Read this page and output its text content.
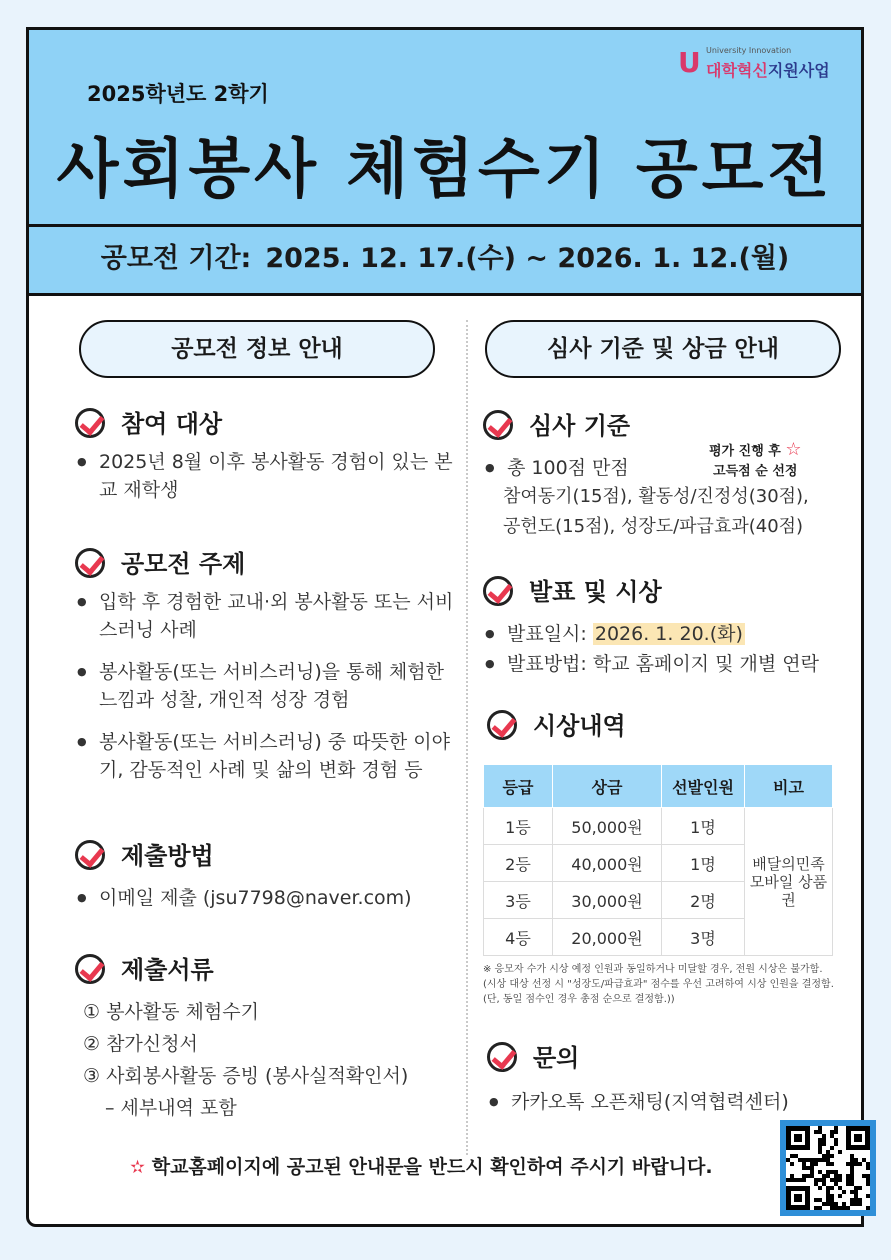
U University Innovation
대학혁신지원사업
2025학년도 2학기
사회봉사 체험수기 공모전
공모전 기간: 2025. 12. 17.(수) ~ 2026. 1. 12.(월)
공모전 정보 안내
참여 대상
● 2025년 8월 이후 봉사활동 경험이 있는 본교 재학생
공모전 주제
● 입학 후 경험한 교내·외 봉사활동 또는 서비스러닝 사례
● 봉사활동(또는 서비스러닝)을 통해 체험한 느낌과 성찰, 개인적 성장 경험
● 봉사활동(또는 서비스러닝) 중 따뜻한 이야기, 감동적인 사례 및 삶의 변화 경험 등
제출방법
● 이메일 제출 (jsu7798@naver.com)
제출서류
① 봉사활동 체험수기
② 참가신청서
③ 사회봉사활동 증빙 (봉사실적확인서)
– 세부내역 포함
심사 기준 및 상금 안내
평가 진행 후 ☆
고득점 순 선정
심사 기준
● 총 100점 만점
참여동기(15점), 활동성/진정성(30점),
공헌도(15점), 성장도/파급효과(40점)
발표 및 시상
● 발표일시: 2026. 1. 20.(화)
● 발표방법: 학교 홈페이지 및 개별 연락
시상내역
등급	상금	선발인원	비고
1등	50,000원	1명	배달의민족 모바일 상품권
2등	40,000원	1명	
3등	30,000원	2명	
4등	20,000원	3명	
※ 응모자 수가 시상 예정 인원과 동일하거나 미달할 경우, 전원 시상은 불가함.(시상 대상 선정 시 "성장도/파급효과" 점수를 우선 고려하여 시상 인원을 결정함.(단, 동일 점수인 경우 총점 순으로 결정함.))
문의
● 카카오톡 오픈채팅(지역협력센터)
✫ 학교홈페이지에 공고된 안내문을 반드시 확인하여 주시기 바랍니다.
